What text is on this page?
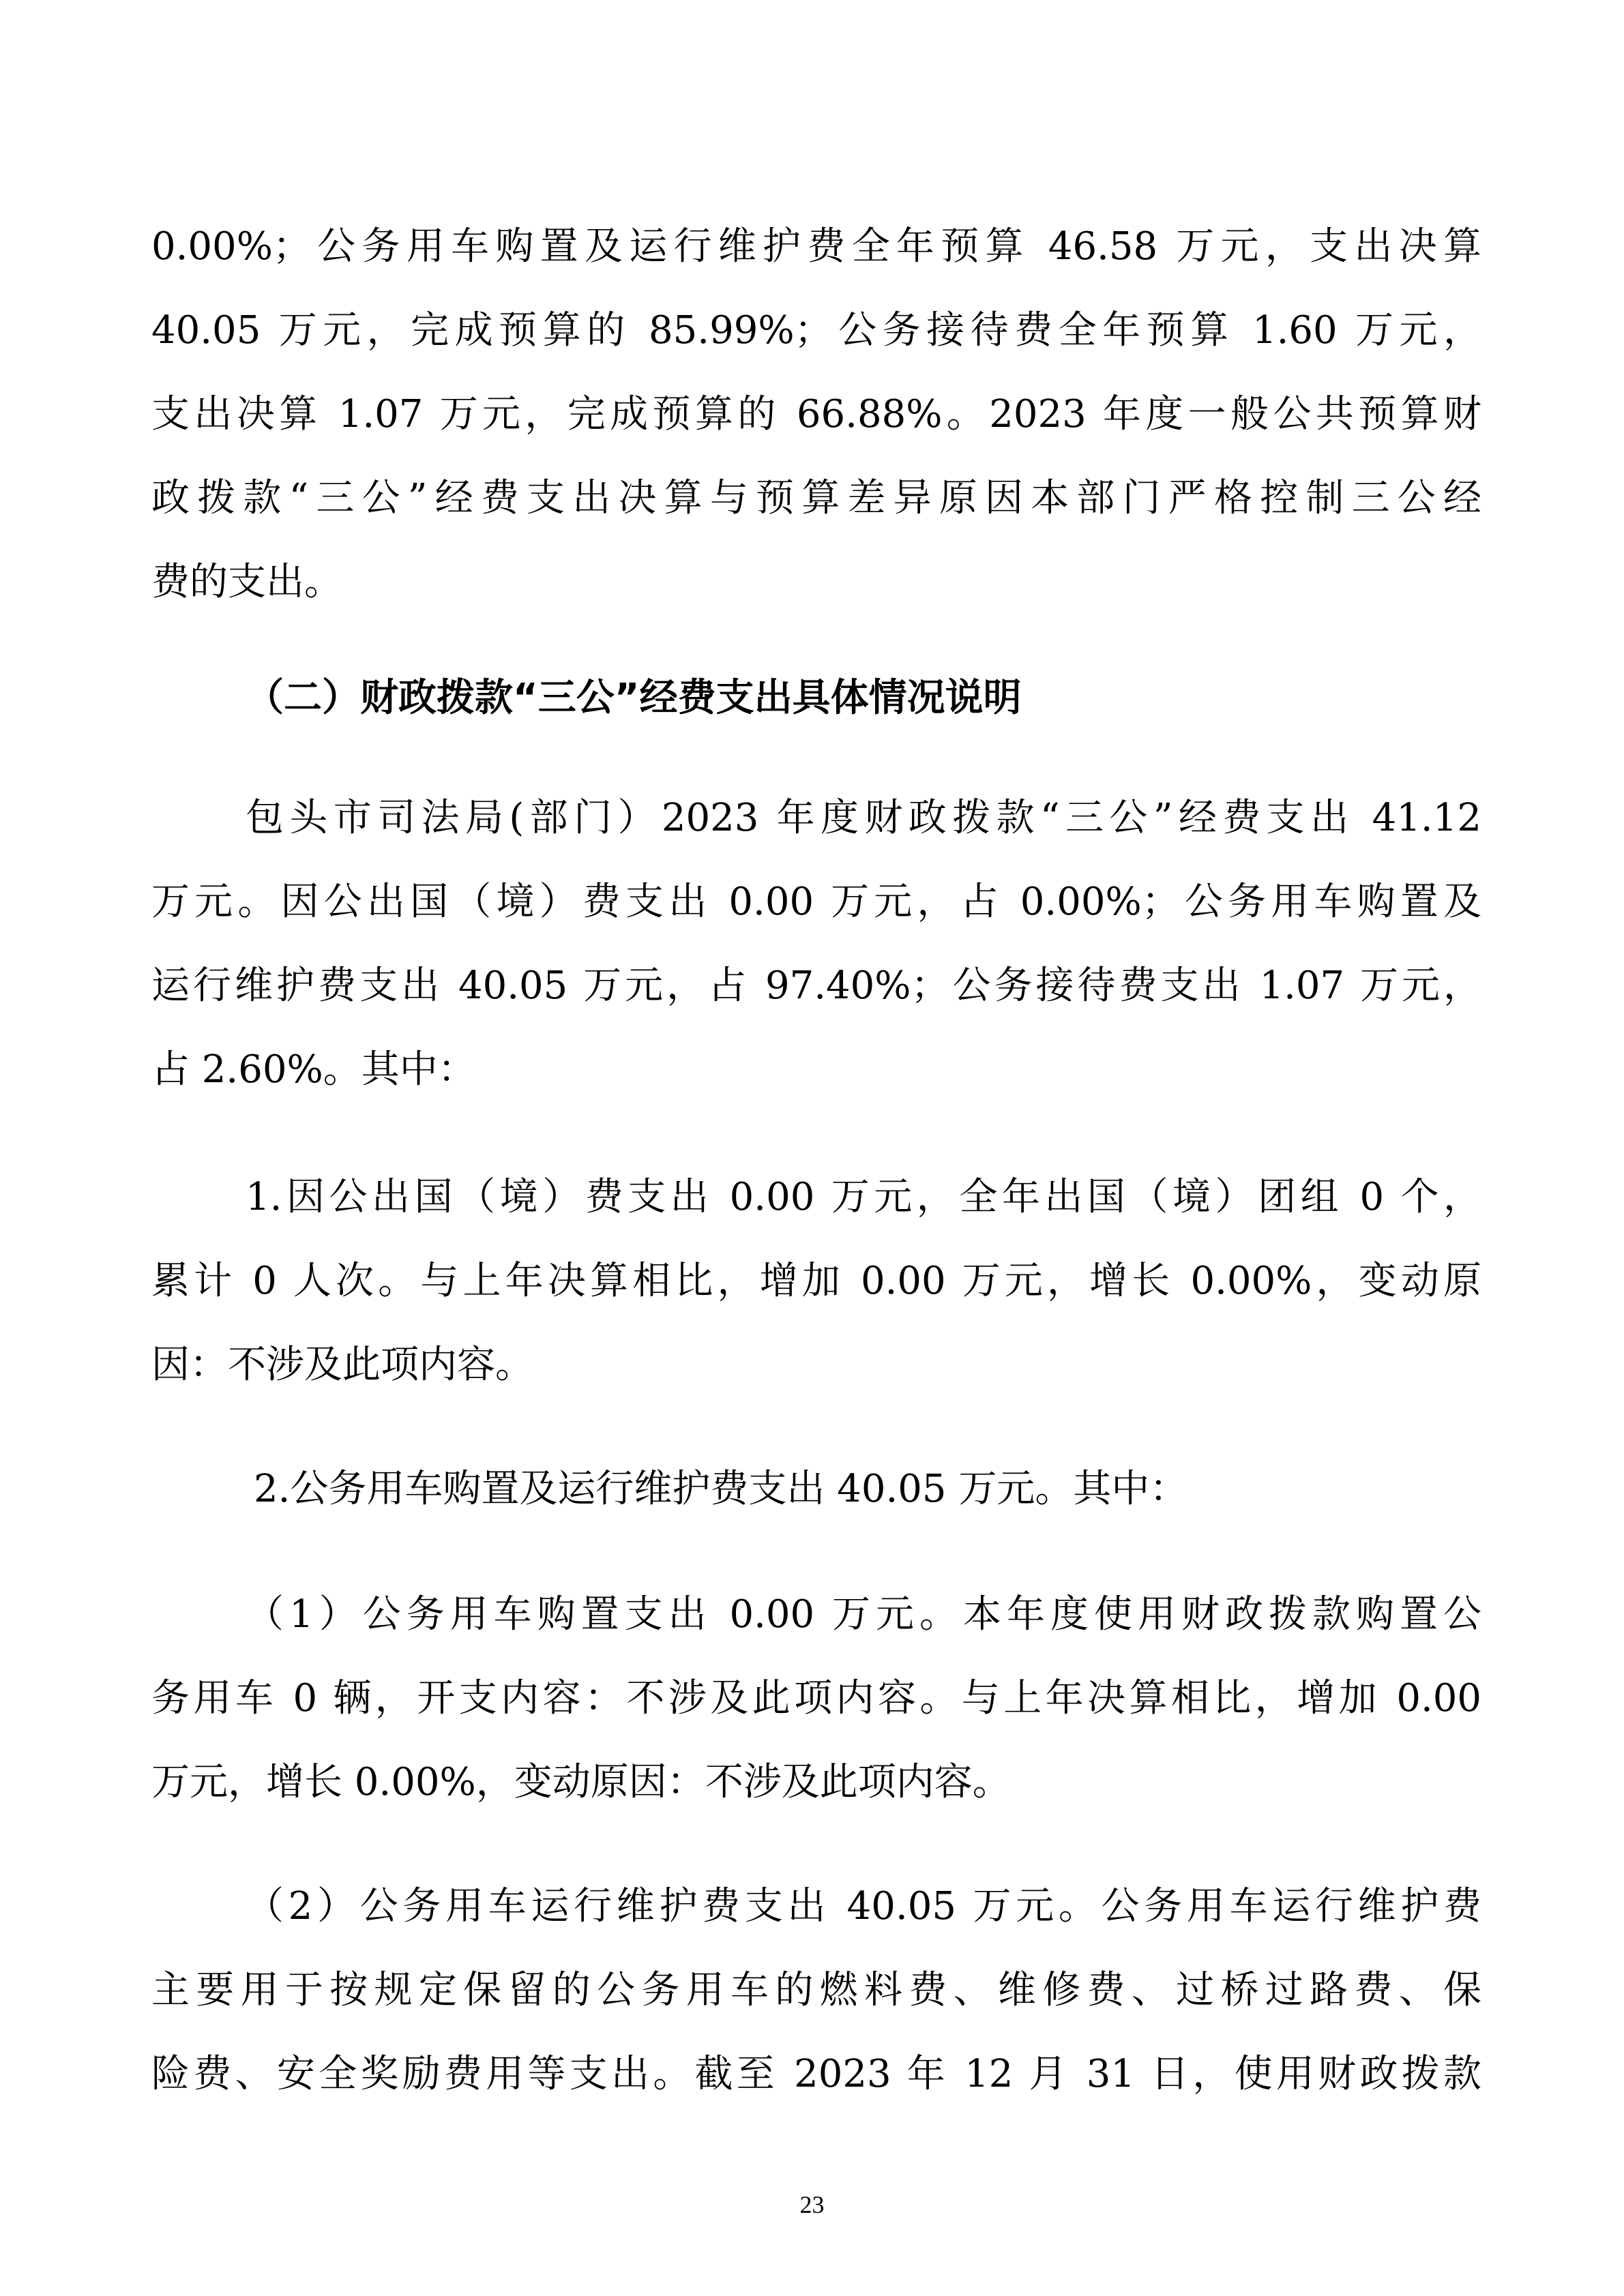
0.00%；公务用车购置及运行维护费全年预算 46.58 万元，支出决算
40.05 万元，完成预算的 85.99%；公务接待费全年预算 1.60 万元，
支出决算 1.07 万元，完成预算的 66.88%。2023 年度一般公共预算财
政拨款“三公”经费支出决算与预算差异原因本部门严格控制三公经
费的支出。
（二）财政拨款“三公”经费支出具体情况说明
包头市司法局(部门）2023 年度财政拨款“三公”经费支出 41.12
万元。因公出国（境）费支出 0.00 万元，占 0.00%；公务用车购置及
运行维护费支出 40.05 万元，占 97.40%；公务接待费支出 1.07 万元，
占 2.60%。其中：
1.因公出国（境）费支出 0.00 万元，全年出国（境）团组 0 个，
累计 0 人次。与上年决算相比，增加 0.00 万元，增长 0.00%，变动原
因：不涉及此项内容。
2.公务用车购置及运行维护费支出 40.05 万元。其中：
（1）公务用车购置支出 0.00 万元。本年度使用财政拨款购置公
务用车 0 辆，开支内容：不涉及此项内容。与上年决算相比，增加 0.00
万元，增长 0.00%，变动原因：不涉及此项内容。
（2）公务用车运行维护费支出 40.05 万元。公务用车运行维护费
主要用于按规定保留的公务用车的燃料费、维修费、过桥过路费、保
险费、安全奖励费用等支出。截至 2023 年 12 月 31 日，使用财政拨款
23
